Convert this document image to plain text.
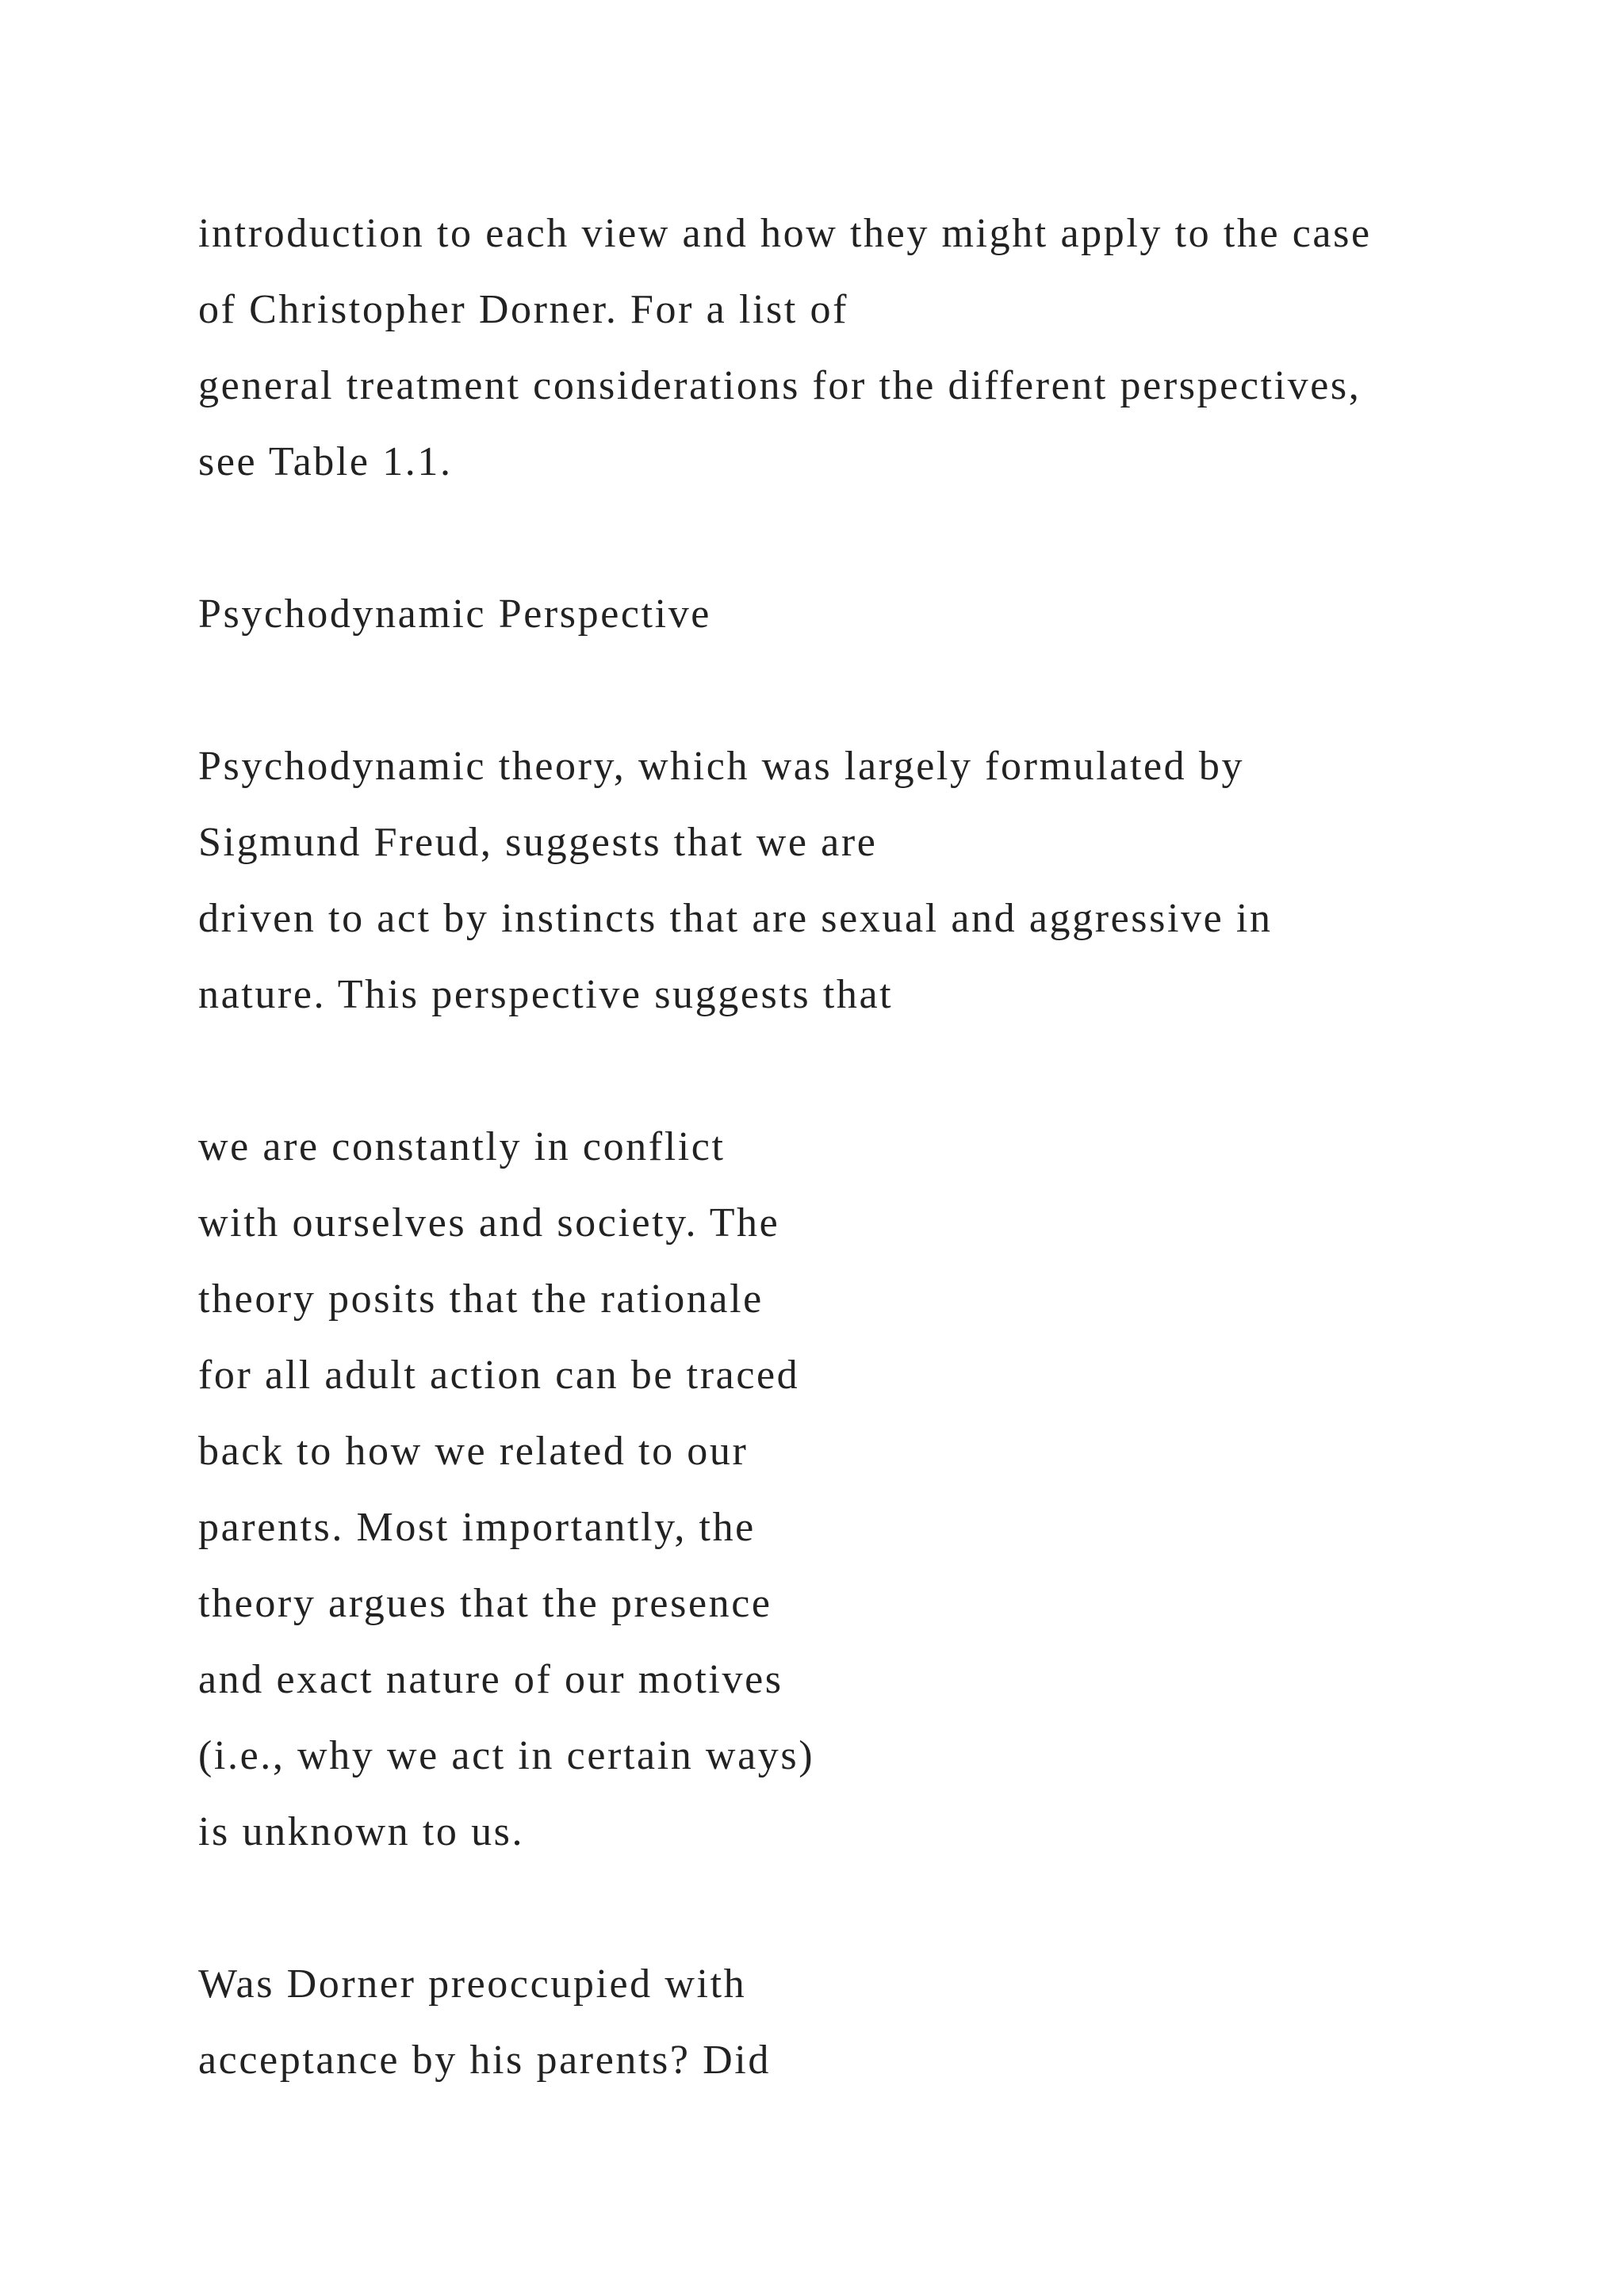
introduction to each view and how they might apply to the case
of Christopher Dorner. For a list of
general treatment considerations for the different perspectives,
see Table 1.1.
Psychodynamic Perspective
Psychodynamic theory, which was largely formulated by
Sigmund Freud, suggests that we are
driven to act by instincts that are sexual and aggressive in
nature. This perspective suggests that
we are constantly in conflict
with ourselves and society. The
theory posits that the rationale
for all adult action can be traced
back to how we related to our
parents. Most importantly, the
theory argues that the presence
and exact nature of our motives
(i.e., why we act in certain ways)
is unknown to us.
Was Dorner preoccupied with
acceptance by his parents? Did
